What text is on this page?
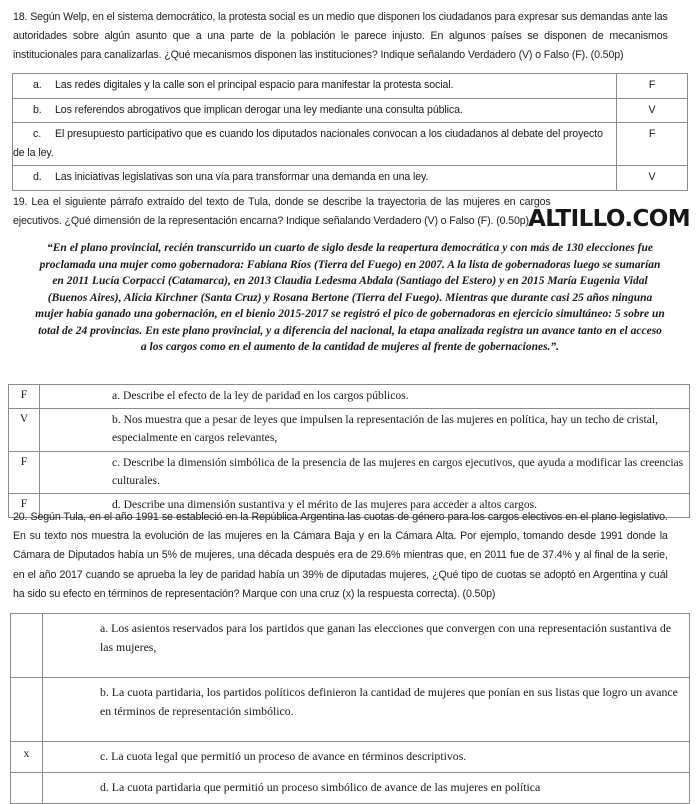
18. Según Welp, en el sistema democrático, la protesta social es un medio que disponen los ciudadanos para expresar sus demandas ante las autoridades sobre algún asunto que a una parte de la población le parece injusto. En algunos países se disponen de mecanismos institucionales para canalizarlas. ¿Qué mecanismos disponen las instituciones? Indique señalando Verdadero (V) o Falso (F). (0.50p)
a. Las redes digitales y la calle son el principal espacio para manifestar la protesta social.	F
b. Los referendos abrogativos que implican derogar una ley mediante una consulta pública.	V
c. El presupuesto participativo que es cuando los diputados nacionales convocan a los ciudadanos al debate del proyecto de la ley.	F
d. Las iniciativas legislativas son una vía para transformar una demanda en una ley.	V
19. Lea el siguiente párrafo extraído del texto de Tula, donde se describe la trayectoria de las mujeres en cargos ejecutivos. ¿Qué dimensión de la representación encarna? Indique señalando Verdadero (V) o Falso (F). (0.50p) ALTILLO.COM
“En el plano provincial, recién transcurrido un cuarto de siglo desde la reapertura democrática y con más de 130 elecciones fue proclamada una mujer como gobernadora: Fabiana Ríos (Tierra del Fuego) en 2007. A la lista de gobernadoras luego se sumarían en 2011 Lucía Corpacci (Catamarca), en 2013 Claudia Ledesma Abdala (Santiago del Estero) y en 2015 María Eugenia Vidal (Buenos Aires), Alicia Kirchner (Santa Cruz) y Rosana Bertone (Tierra del Fuego). Mientras que durante casi 25 años ninguna mujer había ganado una gobernación, en el bienio 2015-2017 se registró el pico de gobernadoras en ejercicio simultáneo: 5 sobre un total de 24 provincias. En este plano provincial, y a diferencia del nacional, la etapa analizada registra un avance tanto en el acceso a los cargos como en el aumento de la cantidad de mujeres al frente de gobernaciones.”.
F	a. Describe el efecto de la ley de paridad en los cargos públicos.
V	b. Nos muestra que a pesar de leyes que impulsen la representación de las mujeres en política, hay un techo de cristal, especialmente en cargos relevantes,
F	c. Describe la dimensión simbólica de la presencia de las mujeres en cargos ejecutivos, que ayuda a modificar las creencias culturales.
F	d. Describe una dimensión sustantiva y el mérito de las mujeres para acceder a altos cargos.
20. Según Tula, en el año 1991 se estableció en la República Argentina las cuotas de género para los cargos electivos en el plano legislativo. En su texto nos muestra la evolución de las mujeres en la Cámara Baja y en la Cámara Alta. Por ejemplo, tomando desde 1991 donde la Cámara de Diputados había un 5% de mujeres, una década después era de 29.6% mientras que, en 2011 fue de 37.4% y al final de la serie, en el año 2017 cuando se aprueba la ley de paridad había un 39% de diputadas mujeres, ¿Qué tipo de cuotas se adoptó en Argentina y cuál ha sido su efecto en términos de representación? Marque con una cruz (x) la respuesta correcta). (0.50p)
	a. Los asientos reservados para los partidos que ganan las elecciones que convergen con una representación sustantiva de las mujeres,
	b. La cuota partidaria, los partidos políticos definieron la cantidad de mujeres que ponían en sus listas que logro un avance en términos de representación simbólico.
x	c. La cuota legal que permitió un proceso de avance en términos descriptivos.
	d. La cuota partidaria que permitió un proceso simbólico de avance de las mujeres en política
